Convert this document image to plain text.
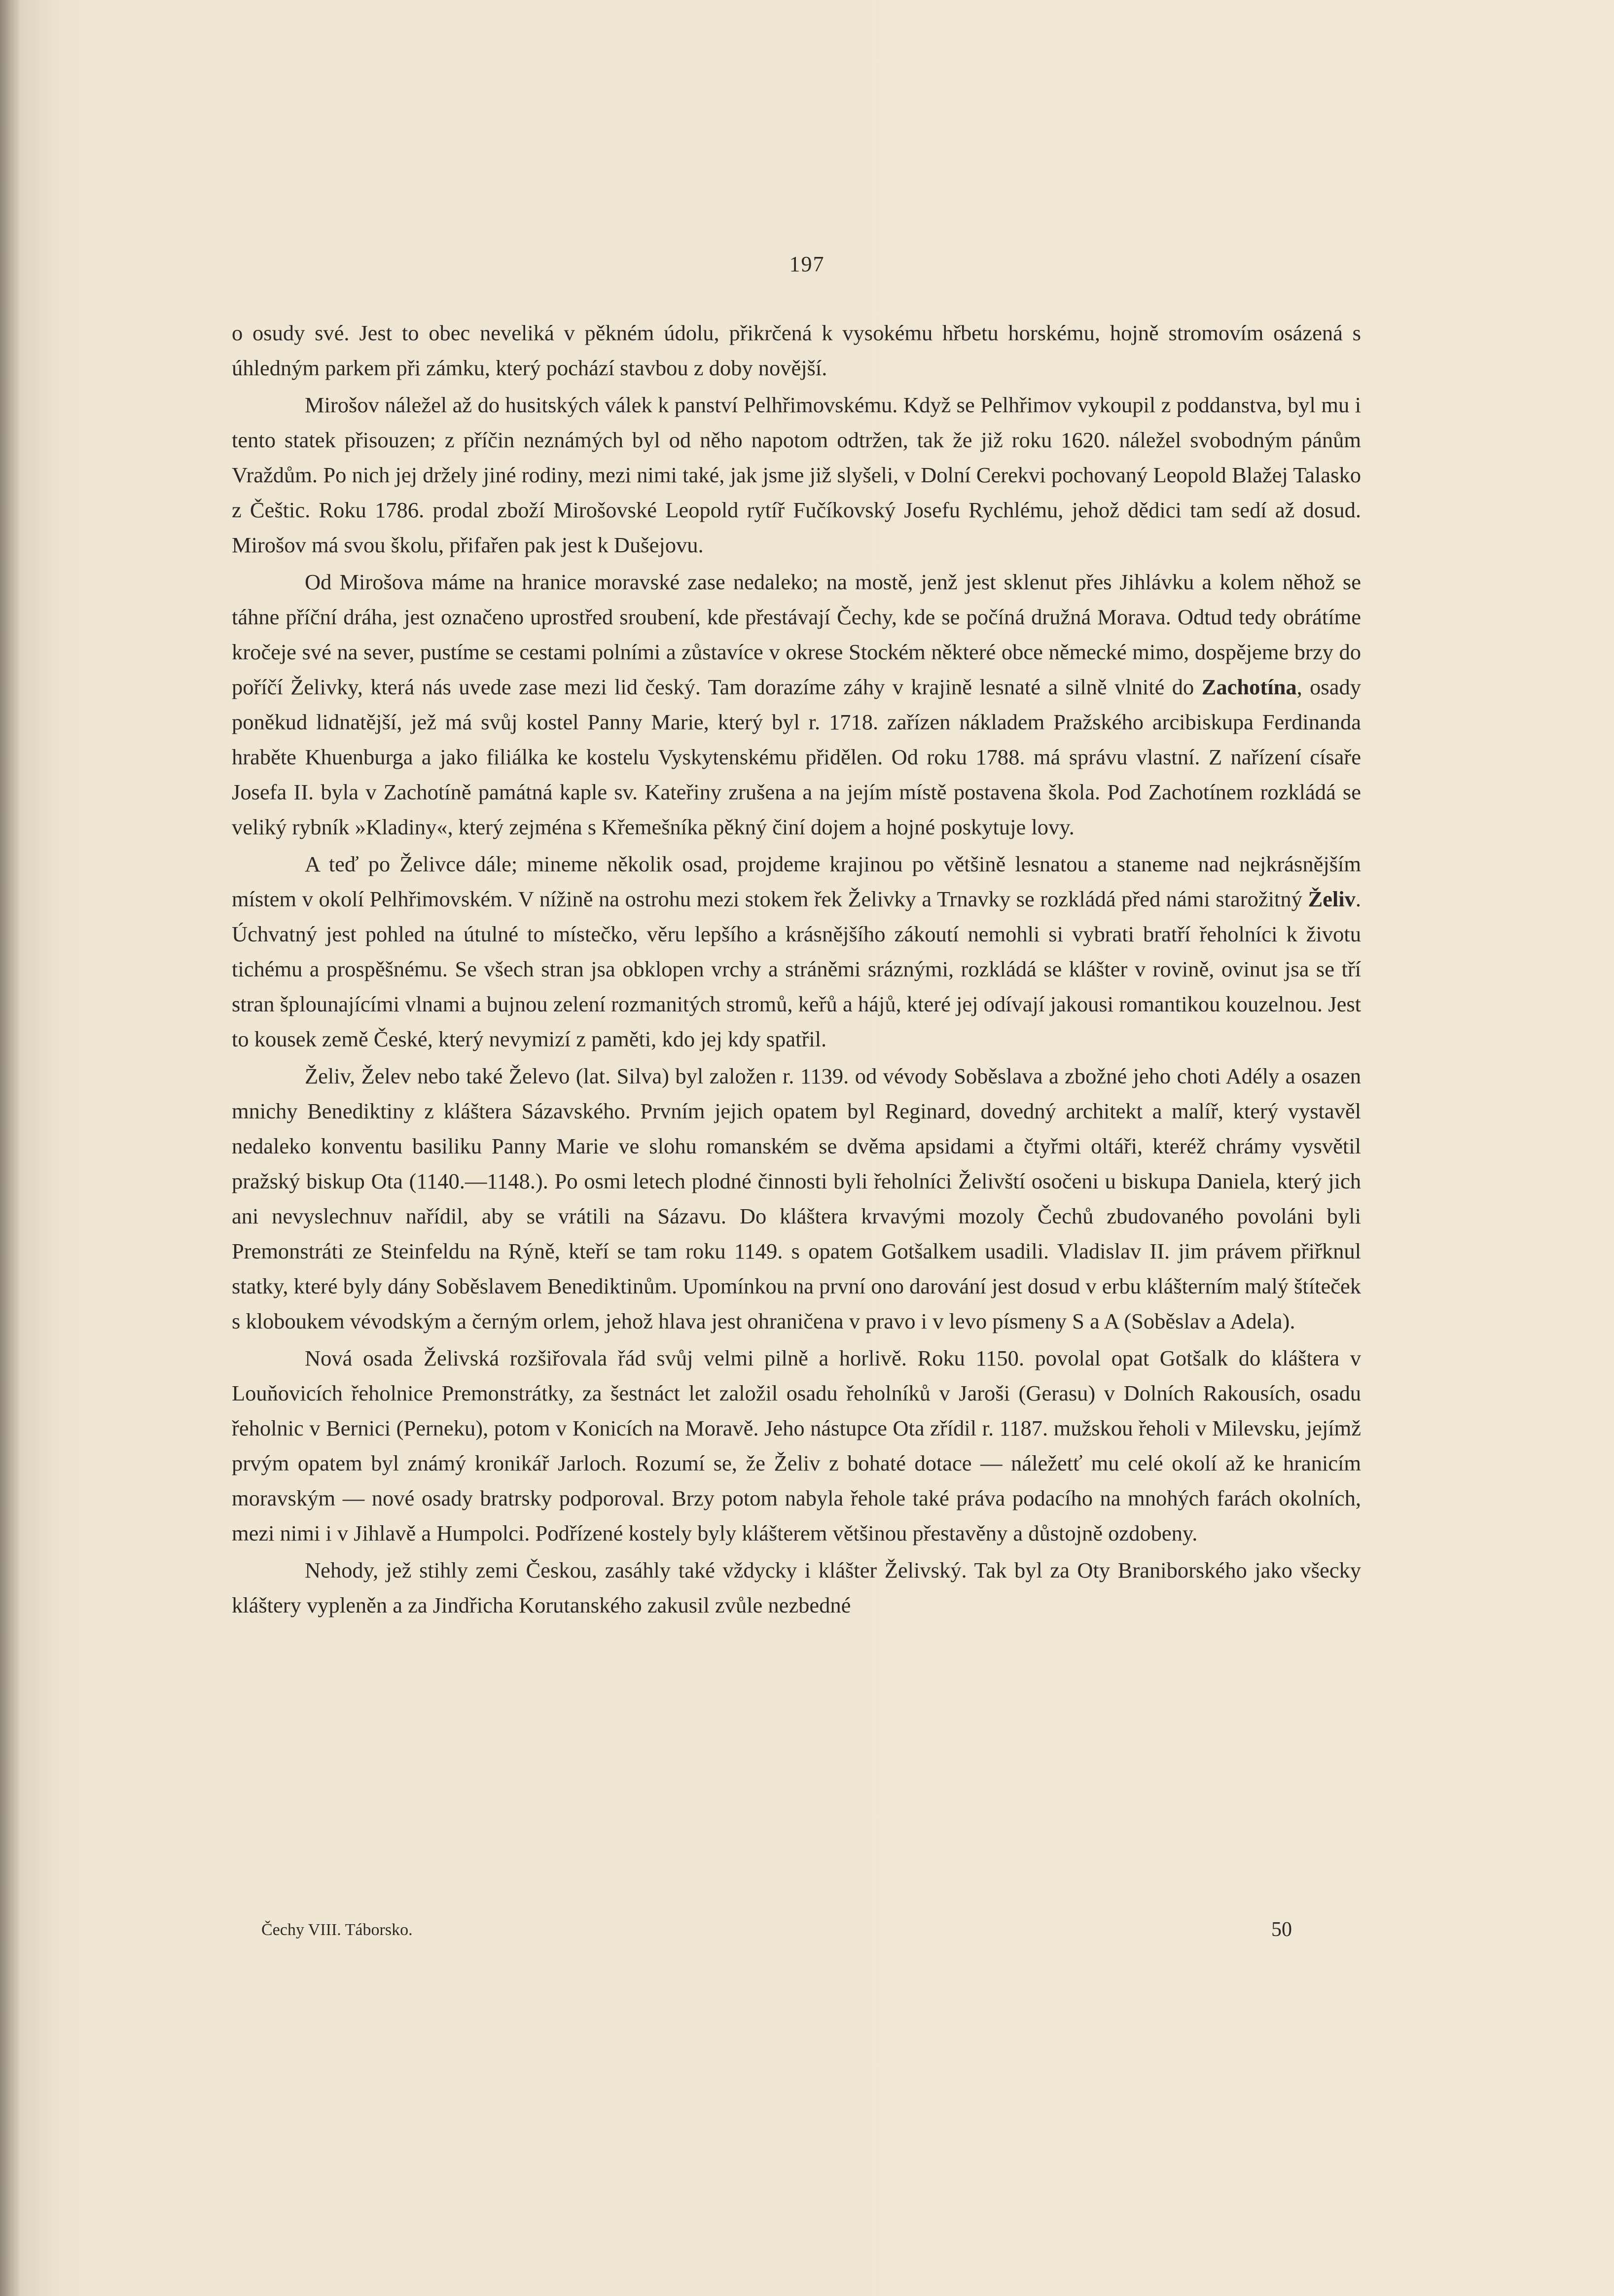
197

o osudy své. Jest to obec neveliká v pěkném údolu, přikrčená k vysokému hřbetu horskému, hojně stromovím osázená s úhledným parkem při zámku, který pochází stavbou z doby novější.

Mirošov náležel až do husitských válek k panství Pelhřimovskému. Když se Pelhřimov vykoupil z poddanstva, byl mu i tento statek přisouzen; z příčin neznámých byl od něho napotom odtržen, tak že již roku 1620. náležel svobodným pánům Vraždům. Po nich jej držely jiné rodiny, mezi nimi také, jak jsme již slyšeli, v Dolní Cerekvi pochovaný Leopold Blažej Talasko z Češtic. Roku 1786. prodal zboží Mirošovské Leopold rytíř Fučíkovský Josefu Rychlému, jehož dědici tam sedí až dosud. Mirošov má svou školu, přifařen pak jest k Dušejovu.

Od Mirošova máme na hranice moravské zase nedaleko; na mostě, jenž jest sklenut přes Jihlávku a kolem něhož se táhne příční dráha, jest označeno uprostřed sroubení, kde přestávají Čechy, kde se počíná družná Morava. Odtud tedy obrátíme kročeje své na sever, pustíme se cestami polními a zůstavíce v okrese Stockém některé obce německé mimo, dospějeme brzy do poříčí Želivky, která nás uvede zase mezi lid český. Tam dorazíme záhy v krajině lesnaté a silně vlnité do Zachotína, osady poněkud lidnatější, jež má svůj kostel Panny Marie, který byl r. 1718. zařízen nákladem Pražského arcibiskupa Ferdinanda hraběte Khuenburga a jako filiálka ke kostelu Vyskytenskému přidělen. Od roku 1788. má správu vlastní. Z nařízení císaře Josefa II. byla v Zachotíně památná kaple sv. Kateřiny zrušena a na jejím místě postavena škola. Pod Zachotínem rozkládá se veliký rybník »Kladiny«, který zejména s Křemešníka pěkný činí dojem a hojné poskytuje lovy.

A teď po Želivce dále; mineme několik osad, projdeme krajinou po většině lesnatou a staneme nad nejkrásnějším místem v okolí Pelhřimovském. V nížině na ostrohu mezi stokem řek Želivky a Trnavky se rozkládá před námi starožitný Želiv. Úchvatný jest pohled na útulné to místečko, věru lepšího a krásnějšího zákoutí nemohli si vybrati bratří řeholníci k životu tichému a prospěšnému. Se všech stran jsa obklopen vrchy a stráněmi sráznými, rozkládá se klášter v rovině, ovinut jsa se tří stran šplounajícími vlnami a bujnou zelení rozmanitých stromů, keřů a hájů, které jej odívají jakousi romantikou kouzelnou. Jest to kousek země České, který nevymizí z paměti, kdo jej kdy spatřil.

Želiv, Želev nebo také Želevo (lat. Silva) byl založen r. 1139. od vévody Soběslava a zbožné jeho choti Adély a osazen mnichy Benediktiny z kláštera Sázavského. Prvním jejich opatem byl Reginard, dovedný architekt a malíř, který vystavěl nedaleko konventu basiliku Panny Marie ve slohu romanském se dvěma apsidami a čtyřmi oltáři, kteréž chrámy vysvětil pražský biskup Ota (1140.—1148.). Po osmi letech plodné činnosti byli řeholníci Želivští osočeni u biskupa Daniela, který jich ani nevyslechnuv nařídil, aby se vrátili na Sázavu. Do kláštera krvavými mozoly Čechů zbudovaného povoláni byli Premonstráti ze Steinfeldu na Rýně, kteří se tam roku 1149. s opatem Gotšalkem usadili. Vladislav II. jim právem přiřknul statky, které byly dány Soběslavem Benediktinům. Upomínkou na první ono darování jest dosud v erbu klášterním malý štíteček s kloboukem vévodským a černým orlem, jehož hlava jest ohraničena v pravo i v levo písmeny S a A (Soběslav a Adela).

Nová osada Želivská rozšiřovala řád svůj velmi pilně a horlivě. Roku 1150. povolal opat Gotšalk do kláštera v Louňovicích řeholnice Premonstrátky, za šestnáct let založil osadu řeholníků v Jaroši (Gerasu) v Dolních Rakousích, osadu řeholnic v Bernici (Perneku), potom v Konicích na Moravě. Jeho nástupce Ota zřídil r. 1187. mužskou řeholi v Milevsku, jejímž prvým opatem byl známý kronikář Jarloch. Rozumí se, že Želiv z bohaté dotace — náležetť mu celé okolí až ke hranicím moravským — nové osady bratrsky podporoval. Brzy potom nabyla řehole také práva podacího na mnohých farách okolních, mezi nimi i v Jihlavě a Humpolci. Podřízené kostely byly klášterem většinou přestavěny a důstojně ozdobeny.

Nehody, jež stihly zemi Českou, zasáhly také vždycky i klášter Želivský. Tak byl za Oty Braniborského jako všecky kláštery vypleněn a za Jindřicha Korutanského zakusil zvůle nezbedné

Čechy VIII. Táborsko.	50
